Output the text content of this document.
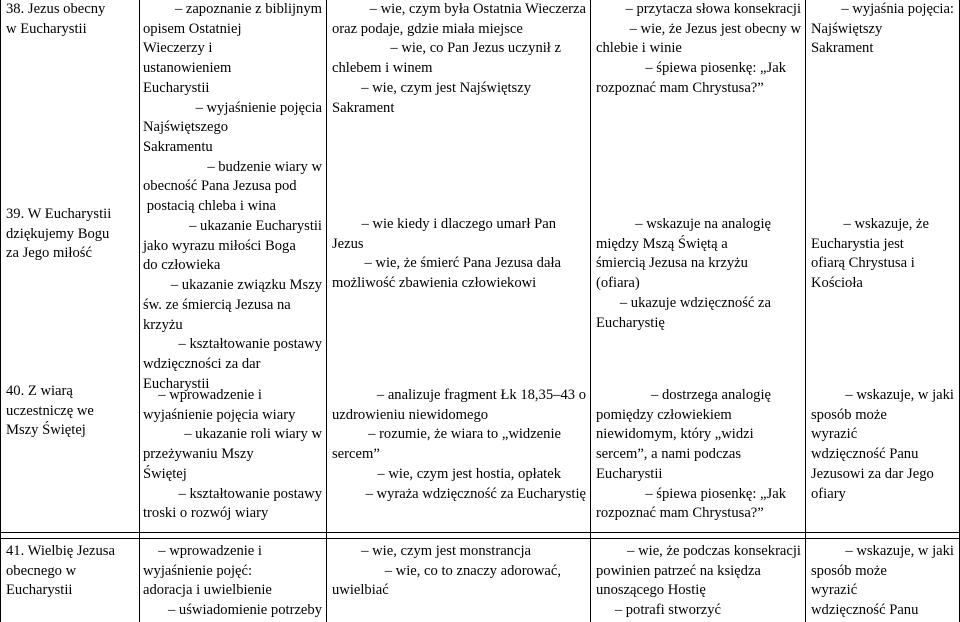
38. Jezus obecny
w Eucharystii
39. W Eucharystii
dziękujemy Bogu
za Jego miłość
40. Z wiarą
uczestniczę we
Mszy Świętej
41. Wielbię Jezusa
obecnego w
Eucharystii
– zapoznanie z biblijnym
opisem Ostatniej
Wieczerzy i
ustanowieniem
Eucharystii
– wyjaśnienie pojęcia
Najświętszego
Sakramentu
– budzenie wiary w
obecność Pana Jezusa pod
postacią chleba i wina
– ukazanie Eucharystii
jako wyrazu miłości Boga
do człowieka
– ukazanie związku Mszy
św. ze śmiercią Jezusa na
krzyżu
– kształtowanie postawy
wdzięczności za dar
Eucharystii
– wprowadzenie i
wyjaśnienie pojęcia wiary
– ukazanie roli wiary w
przeżywaniu Mszy
Świętej
– kształtowanie postawy
troski o rozwój wiary
– wprowadzenie i
wyjaśnienie pojęć:
adoracja i uwielbienie
– uświadomienie potrzeby
– wie, czym była Ostatnia Wieczerza
oraz podaje, gdzie miała miejsce
– wie, co Pan Jezus uczynił z
chlebem i winem
– wie, czym jest Najświętszy
Sakrament
– wie kiedy i dlaczego umarł Pan
Jezus
– wie, że śmierć Pana Jezusa dała
możliwość zbawienia człowiekowi
– analizuje fragment Łk 18,35–43 o
uzdrowieniu niewidomego
– rozumie, że wiara to „widzenie
sercem”
– wie, czym jest hostia, opłatek
– wyraża wdzięczność za Eucharystię
– wie, czym jest monstrancja
– wie, co to znaczy adorować,
uwielbiać
– przytacza słowa konsekracji
– wie, że Jezus jest obecny w
chlebie i winie
– śpiewa piosenkę: „Jak
rozpoznać mam Chrystusa?”
– wskazuje na analogię
między Mszą Świętą a
śmiercią Jezusa na krzyżu
(ofiara)
– ukazuje wdzięczność za
Eucharystię
– dostrzega analogię
pomiędzy człowiekiem
niewidomym, który „widzi
sercem”, a nami podczas
Eucharystii
– śpiewa piosenkę: „Jak
rozpoznać mam Chrystusa?”
– wie, że podczas konsekracji
powinien patrzeć na księdza
unoszącego Hostię
– potrafi stworzyć
– wyjaśnia pojęcia:
Najświętszy
Sakrament
– wskazuje, że
Eucharystia jest
ofiarą Chrystusa i
Kościoła
– wskazuje, w jaki
sposób może
wyrazić
wdzięczność Panu
Jezusowi za dar Jego
ofiary
– wskazuje, w jaki
sposób może
wyrazić
wdzięczność Panu
